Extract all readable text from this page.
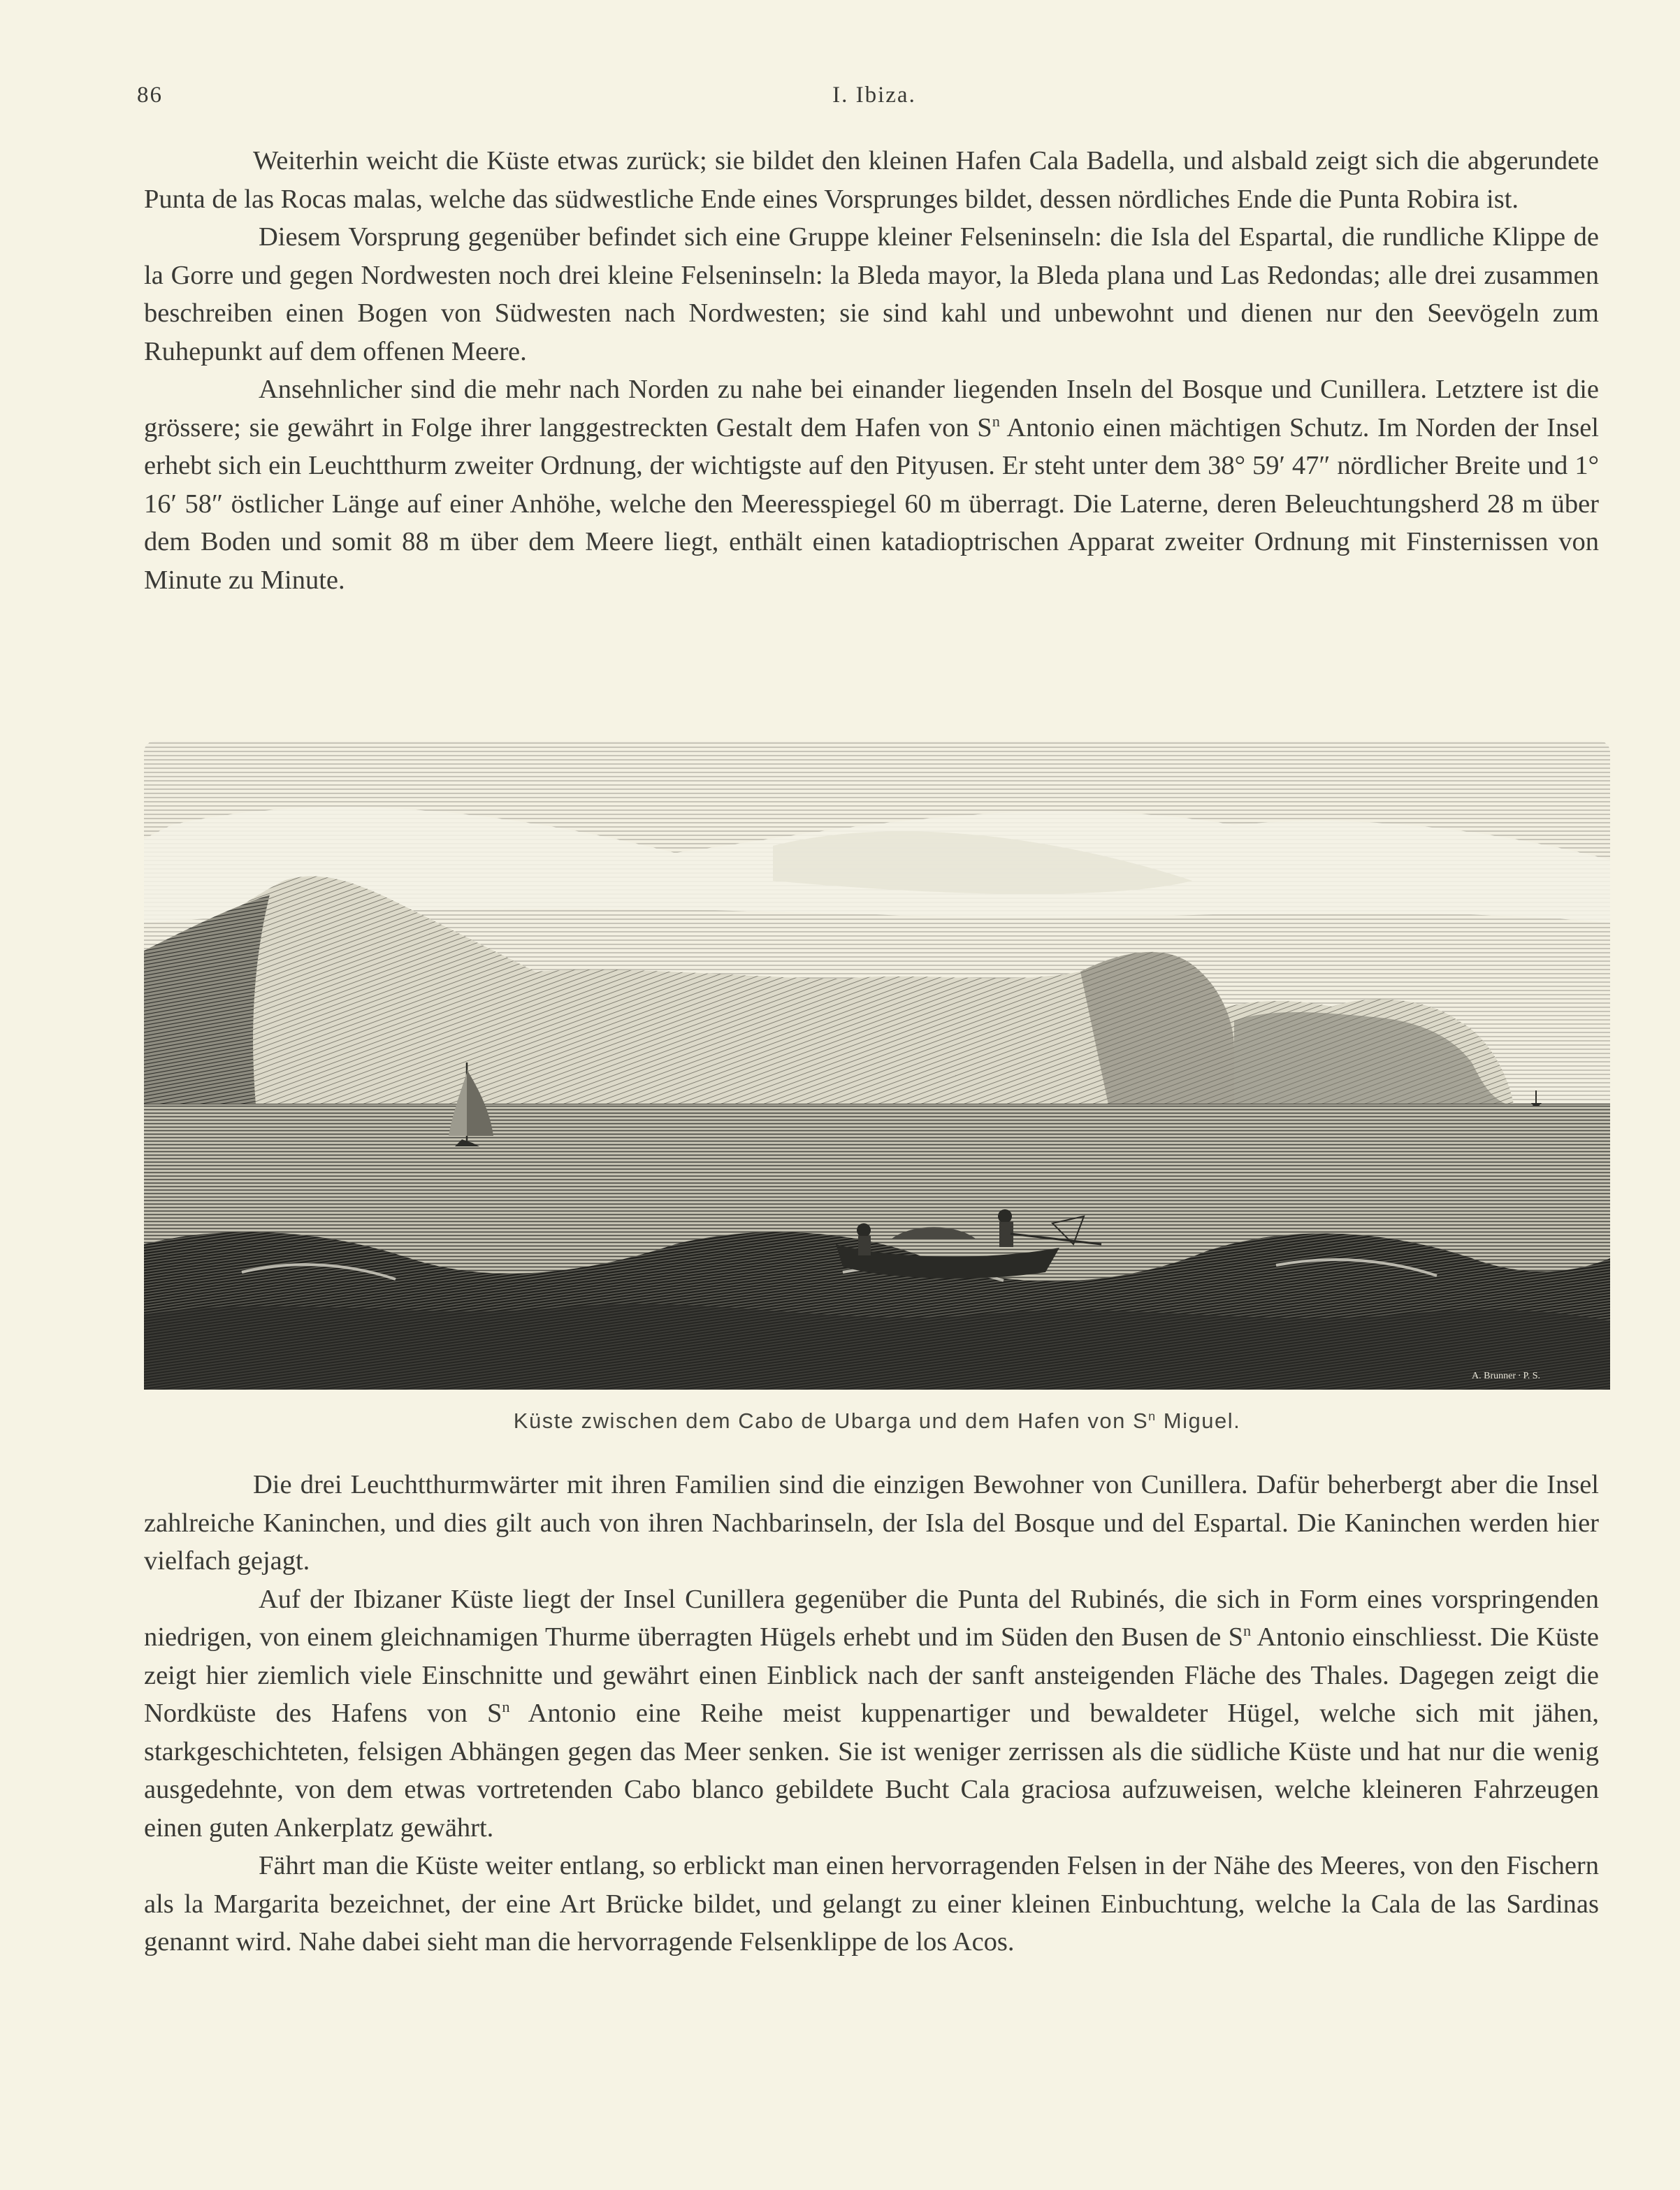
86	I. Ibiza.

Weiterhin weicht die Küste etwas zurück; sie bildet den kleinen Hafen Cala Badella, und alsbald zeigt sich die abgerundete Punta de las Rocas malas, welche das südwestliche Ende eines Vorsprunges bildet, dessen nördliches Ende die Punta Robira ist.

Diesem Vorsprung gegenüber befindet sich eine Gruppe kleiner Felseninseln: die Isla del Espartal, die rundliche Klippe de la Gorre und gegen Nordwesten noch drei kleine Felseninseln: la Bleda mayor, la Bleda plana und Las Redondas; alle drei zusammen beschreiben einen Bogen von Südwesten nach Nordwesten; sie sind kahl und unbewohnt und dienen nur den Seevögeln zum Ruhepunkt auf dem offenen Meere.

Ansehnlicher sind die mehr nach Norden zu nahe bei einander liegenden Inseln del Bosque und Cunillera. Letztere ist die grössere; sie gewährt in Folge ihrer langgestreckten Gestalt dem Hafen von $S^n$ Antonio einen mächtigen Schutz. Im Norden der Insel erhebt sich ein Leuchtthurm zweiter Ordnung, der wichtigste auf den Pityusen. Er steht unter dem 38° 59′ 47″ nördlicher Breite und 1° 16′ 58″ östlicher Länge auf einer Anhöhe, welche den Meeresspiegel 60 m überragt. Die Laterne, deren Beleuchtungsherd 28 m über dem Boden und somit 88 m über dem Meere liegt, enthält einen katadioptrischen Apparat zweiter Ordnung mit Finsternissen von Minute zu Minute.

A. Brunner ∙ P. S.
Küste zwischen dem Cabo de Ubarga und dem Hafen von $S^n$ Miguel.

Die drei Leuchtthurmwärter mit ihren Familien sind die einzigen Bewohner von Cunillera. Dafür beherbergt aber die Insel zahlreiche Kaninchen, und dies gilt auch von ihren Nachbarinseln, der Isla del Bosque und del Espartal. Die Kaninchen werden hier vielfach gejagt.

Auf der Ibizaner Küste liegt der Insel Cunillera gegenüber die Punta del Rubinés, die sich in Form eines vorspringenden niedrigen, von einem gleichnamigen Thurme überragten Hügels erhebt und im Süden den Busen de $S^n$ Antonio einschliesst. Die Küste zeigt hier ziemlich viele Einschnitte und gewährt einen Einblick nach der sanft ansteigenden Fläche des Thales. Dagegen zeigt die Nordküste des Hafens von $S^n$ Antonio eine Reihe meist kuppenartiger und bewaldeter Hügel, welche sich mit jähen, starkgeschichteten, felsigen Abhängen gegen das Meer senken. Sie ist weniger zerrissen als die südliche Küste und hat nur die wenig ausgedehnte, von dem etwas vortretenden Cabo blanco gebildete Bucht Cala graciosa aufzuweisen, welche kleineren Fahrzeugen einen guten Ankerplatz gewährt.

Fährt man die Küste weiter entlang, so erblickt man einen hervorragenden Felsen in der Nähe des Meeres, von den Fischern als la Margarita bezeichnet, der eine Art Brücke bildet, und gelangt zu einer kleinen Einbuchtung, welche la Cala de las Sardinas genannt wird. Nahe dabei sieht man die hervorragende Felsenklippe de los Acos.
